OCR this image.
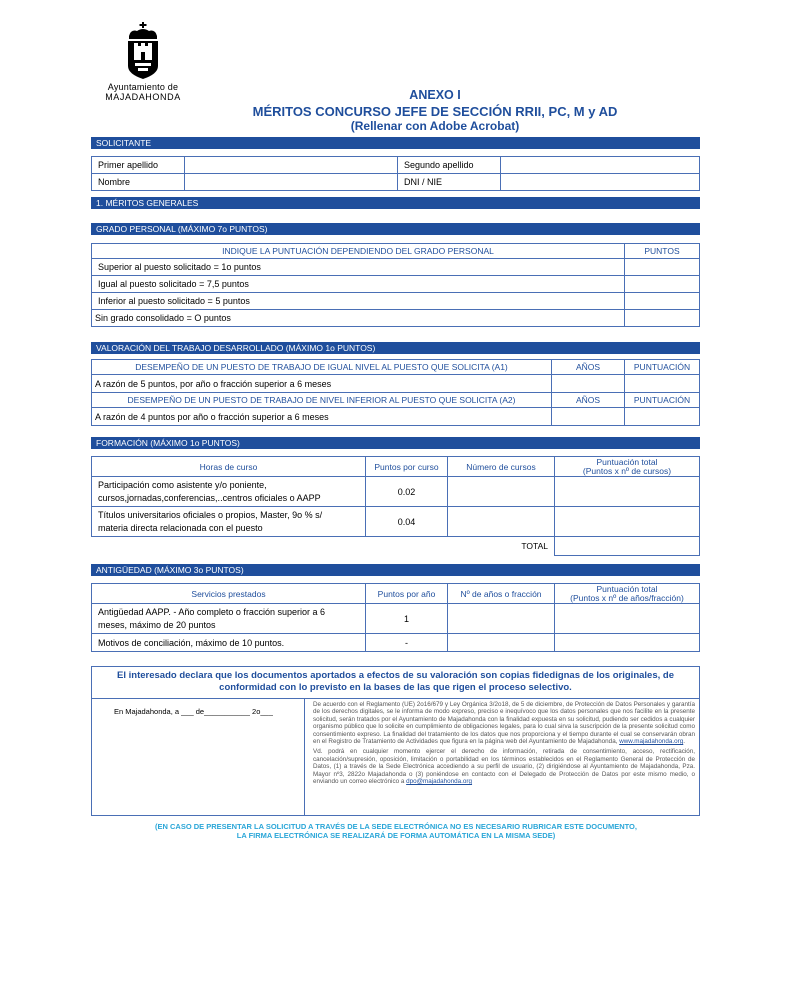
Ayuntamiento de
MAJADAHONDA	ANEXO I
MÉRITOS CONCURSO JEFE DE SECCIÓN RRII, PC, M y AD
(Rellenar con Adobe Acrobat)
SOLICITANTE
Primer apellido		Segundo apellido	
Nombre		DNI / NIE	
1. MÉRITOS GENERALES
GRADO PERSONAL (MÁXIMO 7o PUNTOS)
INDIQUE LA PUNTUACIÓN DEPENDIENDO DEL GRADO PERSONAL	PUNTOS
Superior al puesto solicitado = 1o puntos	
Igual al puesto solicitado = 7,5 puntos	
Inferior al puesto solicitado = 5 puntos	
Sin grado consolidado = O puntos	
VALORACIÓN DEL TRABAJO DESARROLLADO (MÁXIMO 1o PUNTOS)
DESEMPEÑO DE UN PUESTO DE TRABAJO DE IGUAL NIVEL AL PUESTO QUE SOLICITA (A1)	AÑOS	PUNTUACIÓN
A razón de 5 puntos, por año o fracción superior a 6 meses		
DESEMPEÑO DE UN PUESTO DE TRABAJO DE NIVEL INFERIOR AL PUESTO QUE SOLICITA (A2)	AÑOS	PUNTUACIÓN
A razón de 4 puntos por año o fracción superior a 6 meses		
FORMACIÓN (MÁXIMO 1o PUNTOS)
Horas de curso	Puntos por curso	Número de cursos	Puntuación total
(Puntos x nº de cursos)
Participación como asistente y/o poniente,
cursos,jornadas,conferencias,..centros oficiales o AAPP	0.02		
Títulos universitarios oficiales o propios, Master, 9o % s/
materia directa relacionada con el puesto	0.04		
TOTAL			
ANTIGÜEDAD (MÁXIMO 3o PUNTOS)
Servicios prestados	Puntos por año	Nº de años o fracción	Puntuación total
(Puntos x nº de años/fracción)
Antigüedad AAPP. - Año completo o fracción superior a 6
meses, máximo de 20 puntos	1		
Motivos de conciliación, máximo de 10 puntos.	-		
El interesado declara que los documentos aportados a efectos de su valoración son copias fidedignas de los originales, de conformidad con lo previsto en la bases de las que rigen el proceso selectivo.
En Majadahonda, a ___ de___________ 2o___

De acuerdo con el Reglamento (UE) 2o16/679 y Ley Orgánica 3/2o18, de 5 de diciembre, de Protección de Datos Personales y garantía de los derechos digitales, se le informa de modo expreso, preciso e inequívoco que los datos personales que nos facilite en la presente solicitud, serán tratados por el Ayuntamiento de Majadahonda con la finalidad expuesta en su solicitud, pudiendo ser cedidos a cualquier organismo público que lo solicite en cumplimiento de obligaciones legales, para lo cual sirva la suscripción de la presente solicitud como consentimiento expreso. La finalidad del tratamiento de los datos que nos proporciona y el tiempo durante el cual se conservarán obran en el Registro de Tratamiento de Actividades que figura en la página web del Ayuntamiento de Majadahonda, www.majadahonda.org.

Vd. podrá en cualquier momento ejercer el derecho de información, retirada de consentimiento, acceso, rectificación, cancelación/supresión, oposición, limitación o portabilidad en los términos establecidos en el Reglamento General de Protección de Datos, (1) a través de la Sede Electrónica accediendo a su perfil de usuario, (2) dirigiéndose al Ayuntamiento de Majadahonda, Pza. Mayor nº3, 2822o Majadahonda o (3) poniéndose en contacto con el Delegado de Protección de Datos por este mismo medio, o enviando un correo electrónico a dpo@majadahonda.org

(EN CASO DE PRESENTAR LA SOLICITUD A TRAVÉS DE LA SEDE ELECTRÓNICA NO ES NECESARIO RUBRICAR ESTE DOCUMENTO,
LA FIRMA ELECTRÓNICA SE REALIZARÁ DE FORMA AUTOMÁTICA EN LA MISMA SEDE)
